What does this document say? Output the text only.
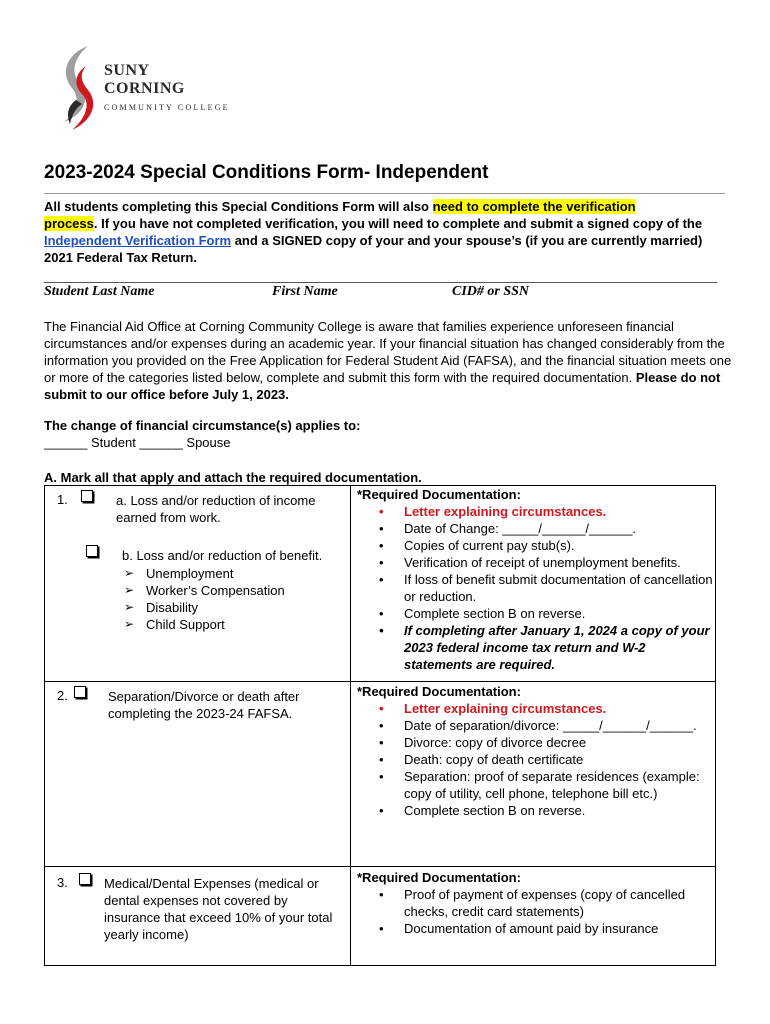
SUNY
CORNING
COMMUNITY COLLEGE
2023-2024 Special Conditions Form- Independent
All students completing this Special Conditions Form will also need to complete the verification
process. If you have not completed verification, you will need to complete and submit a signed copy of the Independent Verification Form and a SIGNED copy of your and your spouse’s (if you are currently married) 2021 Federal Tax Return.
Student Last Name	First Name	CID# or SSN
The Financial Aid Office at Corning Community College is aware that families experience unforeseen financial circumstances and/or expenses during an academic year. If your financial situation has changed considerably from the information you provided on the Free Application for Federal Student Aid (FAFSA), and the financial situation meets one or more of the categories listed below, complete and submit this form with the required documentation. Please do not submit to our office before July 1, 2023.
The change of financial circumstance(s) applies to:
______ Student ______ Spouse
A. Mark all that apply and attach the required documentation.
1.	a. Loss and/or reduction of income earned from work.
b. Loss and/or reduction of benefit.
➢ Unemployment
➢ Worker’s Compensation
➢ Disability
➢ Child Support
*Required Documentation:
• Letter explaining circumstances.
• Date of Change: _____/______/______.
• Copies of current pay stub(s).
• Verification of receipt of unemployment benefits.
• If loss of benefit submit documentation of cancellation or reduction.
• Complete section B on reverse.
• If completing after January 1, 2024 a copy of your 2023 federal income tax return and W-2 statements are required.
2.	Separation/Divorce or death after completing the 2023-24 FAFSA.
*Required Documentation:
• Letter explaining circumstances.
• Date of separation/divorce: _____/______/______.
• Divorce: copy of divorce decree
• Death: copy of death certificate
• Separation: proof of separate residences (example: copy of utility, cell phone, telephone bill etc.)
• Complete section B on reverse.
3.	Medical/Dental Expenses (medical or dental expenses not covered by insurance that exceed 10% of your total yearly income)
*Required Documentation:
• Proof of payment of expenses (copy of cancelled checks, credit card statements)
• Documentation of amount paid by insurance
